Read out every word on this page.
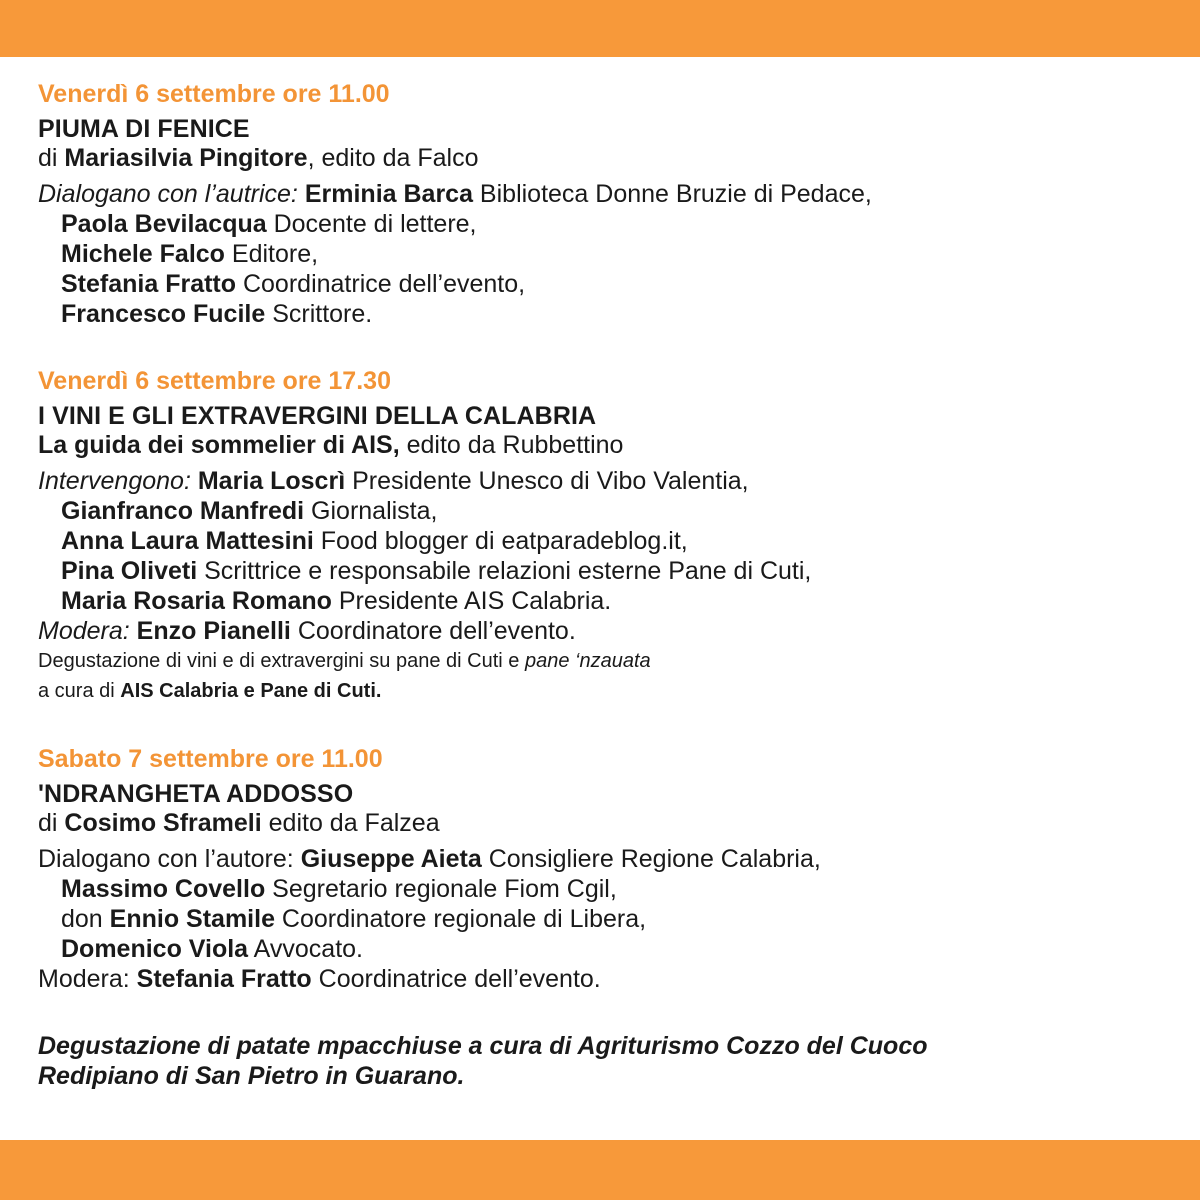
Venerdì 6 settembre ore 11.00

PIUMA DI FENICE

di Mariasilvia Pingitore, edito da Falco

Dialogano con l’autrice: Erminia Barca Biblioteca Donne Bruzie di Pedace,

Paola Bevilacqua Docente di lettere,

Michele Falco Editore,

Stefania Fratto Coordinatrice dell’evento,

Francesco Fucile Scrittore.

Venerdì 6 settembre ore 17.30

I VINI E GLI EXTRAVERGINI DELLA CALABRIA

La guida dei sommelier di AIS, edito da Rubbettino

Intervengono: Maria Loscrì Presidente Unesco di Vibo Valentia,

Gianfranco Manfredi Giornalista,

Anna Laura Mattesini Food blogger di eatparadeblog.it,

Pina Oliveti Scrittrice e responsabile relazioni esterne Pane di Cuti,

Maria Rosaria Romano Presidente AIS Calabria.

Modera: Enzo Pianelli Coordinatore dell’evento.

Degustazione di vini e di extravergini su pane di Cuti e pane ‘nzauata

a cura di AIS Calabria e Pane di Cuti.

Sabato 7 settembre ore 11.00

'NDRANGHETA ADDOSSO

di Cosimo Sframeli edito da Falzea

Dialogano con l’autore: Giuseppe Aieta Consigliere Regione Calabria,

Massimo Covello Segretario regionale Fiom Cgil,

don Ennio Stamile Coordinatore regionale di Libera,

Domenico Viola Avvocato.

Modera: Stefania Fratto Coordinatrice dell’evento.

Degustazione di patate mpacchiuse a cura di Agriturismo Cozzo del Cuoco

Redipiano di San Pietro in Guarano.
